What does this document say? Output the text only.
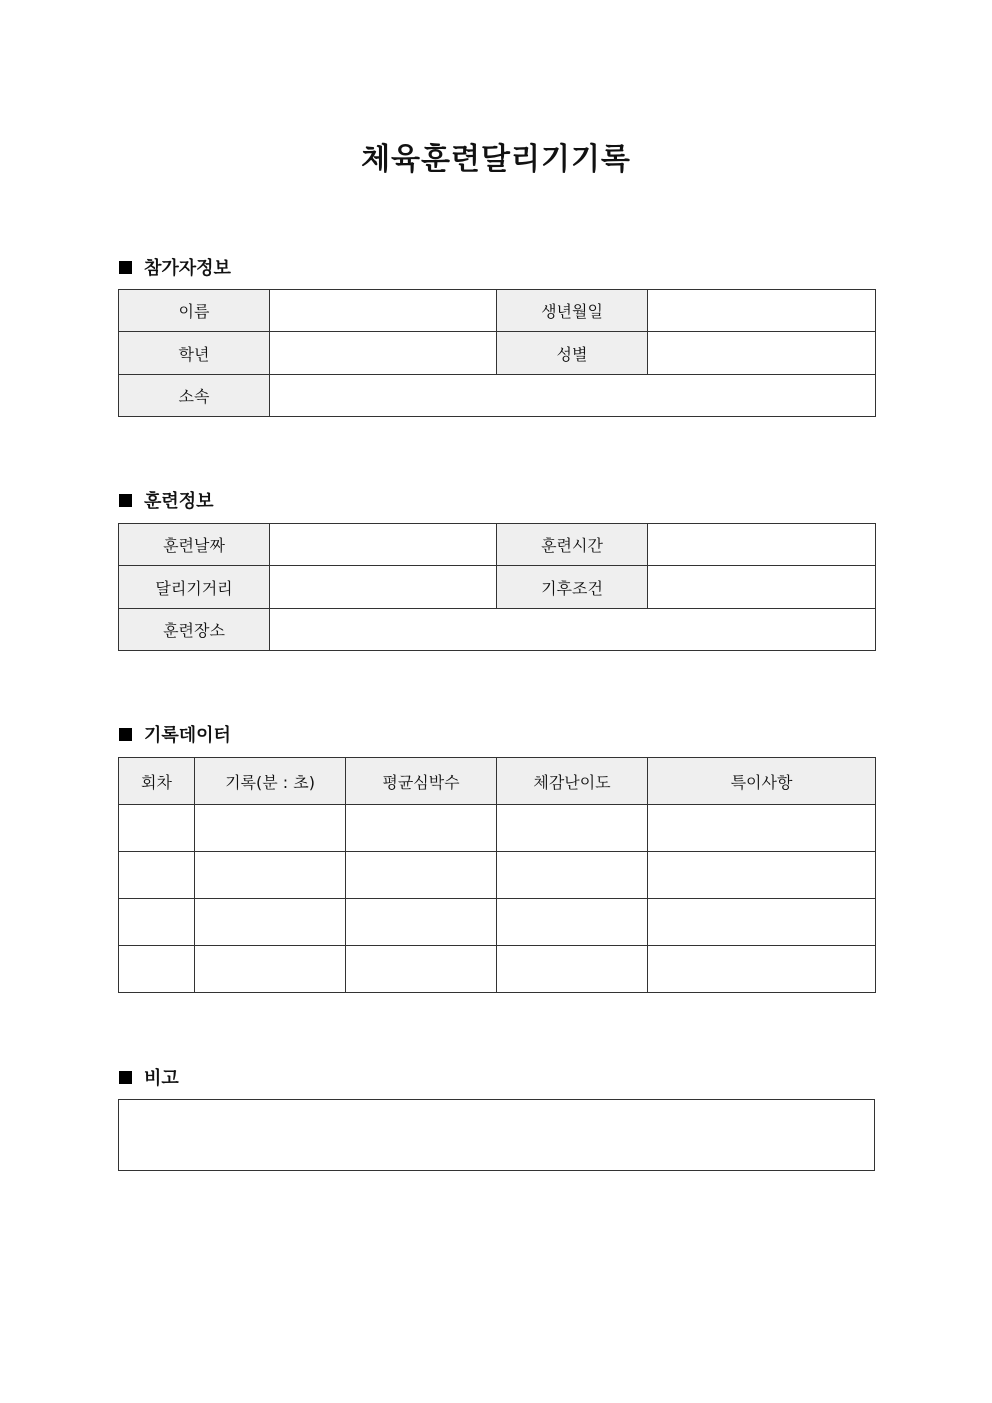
체육훈련달리기기록
참가자정보
이름		생년월일	
학년		성별	
소속			
훈련정보
훈련날짜		훈련시간	
달리기거리		기후조건	
훈련장소			
기록데이터
회차	기록(분 : 초)	평균심박수	체감난이도	특이사항

비고
